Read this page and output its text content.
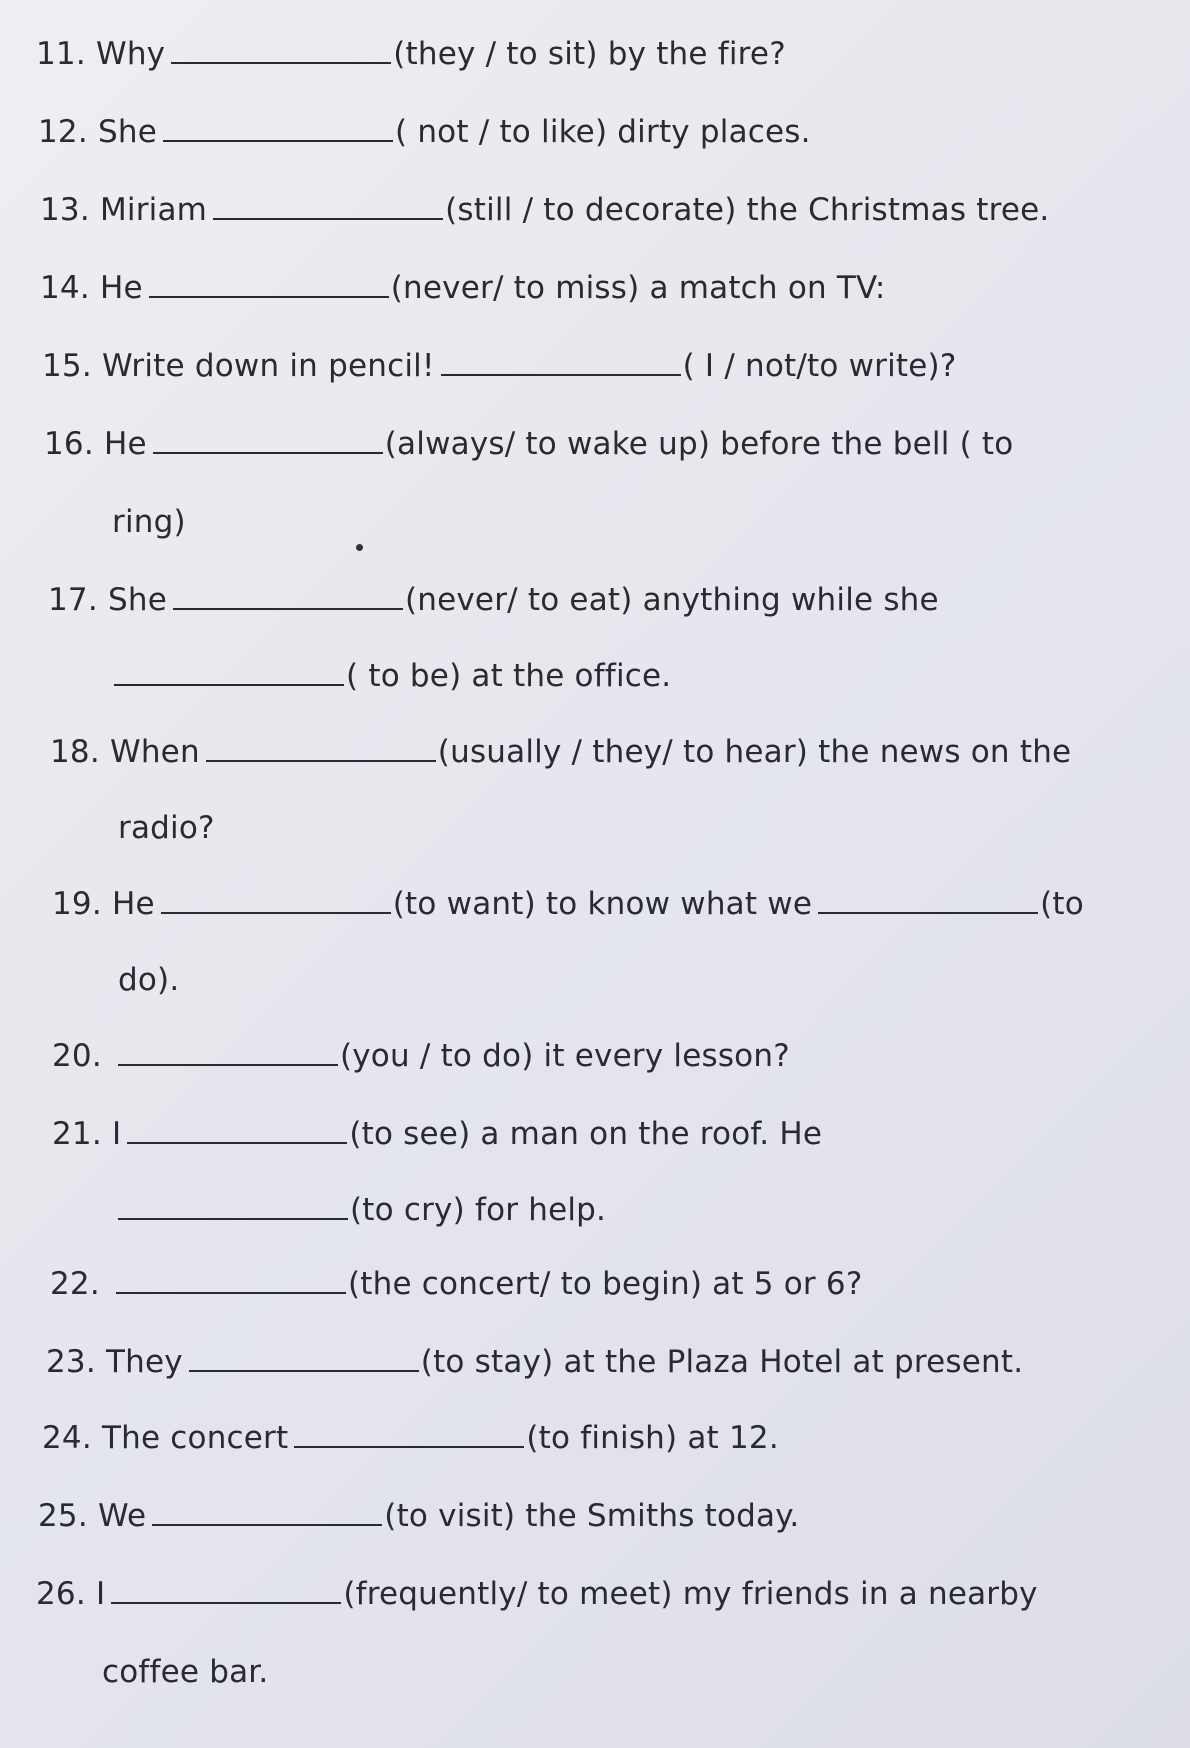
11. Why	(they / to sit) by the fire?
12. She	( not / to like) dirty places.
13. Miriam	(still / to decorate) the Christmas tree.
14. He	(never/ to miss) a match on TV:
15. Write down in pencil!	( I / not/to write)?
16. He	(always/ to wake up) before the bell ( to
ring)
17. She	(never/ to eat) anything while she
( to be) at the office.
18. When	(usually / they/ to hear) the news on the
radio?
19. He	(to want) to know what we	(to
do).
20.	(you / to do) it every lesson?
21. I	(to see) a man on the roof. He
(to cry) for help.
22.	(the concert/ to begin) at 5 or 6?
23. They	(to stay) at the Plaza Hotel at present.
24. The concert	(to finish) at 12.
25. We	(to visit) the Smiths today.
26. I	(frequently/ to meet) my friends in a nearby
coffee bar.
